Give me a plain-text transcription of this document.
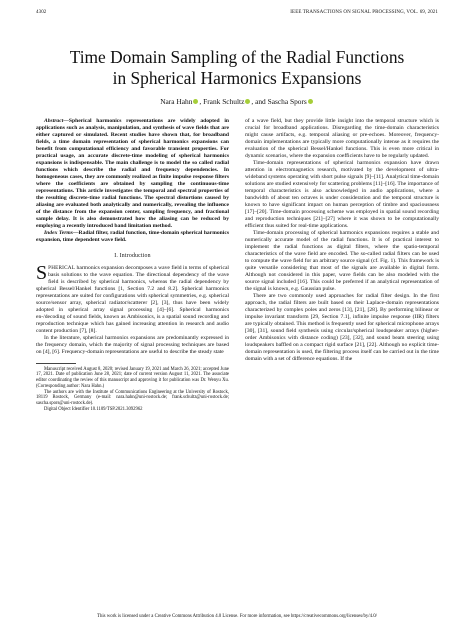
4302	IEEE TRANSACTIONS ON SIGNAL PROCESSING, VOL. 69, 2021
Time Domain Sampling of the Radial Functions
in Spherical Harmonics Expansions
Nara Hahn , Frank Schultz , and Sascha Spors

Abstract—Spherical harmonics representations are widely adopted in applications such as analysis, manipulation, and synthesis of wave fields that are either captured or simulated. Recent studies have shown that, for broadband fields, a time domain representation of spherical harmonics expansions can benefit from computational efficiency and favorable transient properties. For practical usage, an accurate discrete-time modeling of spherical harmonics expansions is indispensable. The main challenge is to model the so called radial functions which describe the radial and frequency dependencies. In homogeneous cases, they are commonly realized as finite impulse response filters where the coefficients are obtained by sampling the continuous-time representations. This article investigates the temporal and spectral properties of the resulting discrete-time radial functions. The spectral distortions caused by aliasing are evaluated both analytically and numerically, revealing the influence of the distance from the expansion center, sampling frequency, and fractional sample delay. It is also demonstrated how the aliasing can be reduced by employing a recently introduced band limitation method.

Index Terms—Radial filter, radial function, time-domain spherical harmonics expansion, time dependent wave field.

I. Introduction

SPHERICAL harmonics expansion decomposes a wave field in terms of spherical basis solutions to the wave equation. The directional dependency of the wave field is described by spherical harmonics, whereas the radial dependency by spherical Bessel/Hankel functions [1, Section 7.2 and 8.2]. Spherical harmonics representations are suited for configurations with spherical symmetries, e.g. spherical source/sensor array, spherical radiator/scatterer [2], [3], thus have been widely adopted in spherical array signal processing [4]–[6]. Spherical harmonics en-/decoding of sound fields, known as Ambisonics, is a spatial sound recording and reproduction technique which has gained increasing attention in research and audio content production [7], [8].

In the literature, spherical harmonics expansions are predominantly expressed in the frequency domain, which the majority of signal processing techniques are based on [4], [6]. Frequency-domain representations are useful to describe the steady state

Manuscript received August 8, 2020; revised January 19, 2021 and March 26, 2021; accepted June 17, 2021. Date of publication June 28, 2021; date of current version August 11, 2021. The associate editor coordinating the review of this manuscript and approving it for publication was Dr. Wenyu Xu. (Corresponding author: Nara Hahn.)

The authors are with the Institute of Communications Engineering at the University of Rostock, 18119 Rostock, Germany (e-mail: nara.hahn@uni-rostock.de; frank.schultz@uni-rostock.de; sascha.spors@uni-rostock.de).

Digital Object Identifier 10.1109/TSP.2021.3092962

of a wave field, but they provide little insight into the temporal structure which is crucial for broadband applications. Disregarding the time-domain characteristics might cause artifacts, e.g. temporal aliasing or pre-echoes. Moreover, frequency-domain implementations are typically more computationally intense as it requires the evaluation of the spherical Bessel/Hankel functions. This is even more critical in dynamic scenarios, where the expansion coefficients have to be regularly updated.

Time-domain representations of spherical harmonics expansion have drawn attention in electromagnetics research, motivated by the development of ultra-wideband systems operating with short pulse signals [9]–[11]. Analytical time-domain solutions are studied extensively for scattering problems [11]–[16]. The importance of temporal characteristics is also acknowledged in audio applications, where a bandwidth of about ten octaves is under consideration and the temporal structure is known to have significant impact on human perception of timbre and spaciousness [17]–[20]. Time-domain processing scheme was employed in spatial sound recording and reproduction techniques [21]–[27] where it was shown to be computationally efficient thus suited for real-time applications.

Time-domain processing of spherical harmonics expansions requires a stable and numerically accurate model of the radial functions. It is of practical interest to implement the radial functions as digital filters, where the spatio-temporal characteristics of the wave field are encoded. The so-called radial filters can be used to compute the wave field for an arbitrary source signal (cf. Fig. 1). This framework is quite versatile considering that most of the signals are available in digital form. Although not considered in this paper, wave fields can be also modeled with the source signal included [16]. This could be preferred if an analytical representation of the signal is known, e.g. Gaussian pulse.

There are two commonly used approaches for radial filter design. In the first approach, the radial filters are built based on their Laplace-domain representations characterized by complex poles and zeros [13], [21], [28]. By performing bilinear or impulse invariant transform [29, Section 7.1], infinite impulse response (IIR) filters are typically obtained. This method is frequently used for spherical microphone arrays [30], [31], sound field synthesis using circular/spherical loudspeaker arrays (higher-order Ambisonics with distance coding) [23], [32], and sound beam steering using loudspeakers baffled on a compact rigid surface [21], [22]. Although no explicit time-domain representation is used, the filtering process itself can be carried out in the time domain with a set of difference equations. If the

This work is licensed under a Creative Commons Attribution 4.0 License. For more information, see https://creativecommons.org/licenses/by/4.0/
